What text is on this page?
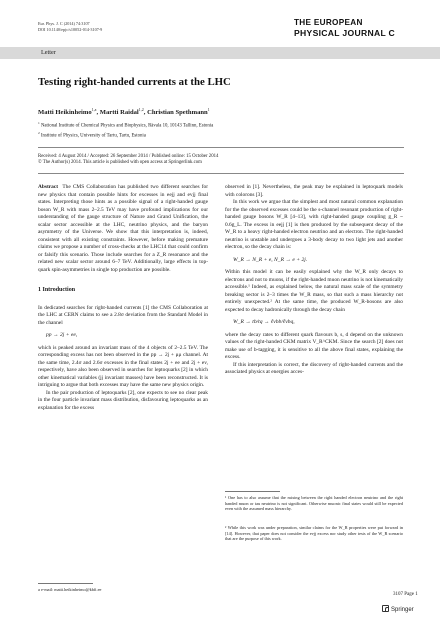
Eur. Phys. J. C (2014) 74:3107
DOI 10.1140/epjc/s10052-014-3107-9
THE EUROPEAN
PHYSICAL JOURNAL C
Letter
Testing right-handed currents at the LHC
Matti Heikinheimo$^{1,a}$, Martti Raidal$^{1,2}$, Christian Spethmann$^1$
$^1$ National Institute of Chemical Physics and Biophysics, Rävala 10, 10143 Tallinn, Estonia
$^2$ Institute of Physics, University of Tartu, Tartu, Estonia
Received: 4 August 2014 / Accepted: 26 September 2014 / Published online: 15 October 2014
© The Author(s) 2014. This article is published with open access at Springerlink.com

Abstract The CMS Collaboration has published two different searches for new physics that contain possible hints for excesses in eejj and evjj final states. Interpreting those hints as a possible signal of a right-handed gauge boson W_R with mass 2–2.5 TeV may have profound implications for our understanding of the gauge structure of Nature and Grand Unification, the scalar sector accessible at the LHC, neutrino physics, and the baryon asymmetry of the Universe. We show that this interpretation is, indeed, consistent with all existing constraints. However, before making premature claims we propose a number of cross-checks at the LHC14 that could confirm or falsify this scenario. Those include searches for a Z_R resonance and the related new scalar sector around 6–7 TeV. Additionally, large effects in top-quark spin-asymmetries in single top production are possible.

1 Introduction

In dedicated searches for right-handed currents [1] the CMS Collaboration at the LHC at CERN claims to see a 2.8σ deviation from the Standard Model in the channel

pp → 2j + ee,

which is peaked around an invariant mass of the 4 objects of 2–2.5 TeV. The corresponding excess has not been observed in the pp → 2j + μμ channel. At the same time, 2.4σ and 2.6σ excesses in the final states 2j + ee and 2j + ev, respectively, have also been observed in searches for leptoquarks [2] in which other kinematical variables (jj invariant masses) have been reconstructed. It is intriguing to argue that both excesses may have the same new physics origin.

In the pair production of leptoquarks [2], one expects to see no clear peak in the four particle invariant mass distribution, disfavouring leptoquarks as an explanation for the excess

a e-mail: matti.heikinheimo@kbfi.ee

observed in [1]. Nevertheless, the peak may be explained in leptoquark models with colorons [3].

In this work we argue that the simplest and most natural common explanation for the the observed excesses could be the s-channel resonant production of right-handed gauge bosons W_R [4–13], with right-handed gauge coupling g_R ~ 0.6g_L. The excess in eejj [1] is then produced by the subsequent decay of the W_R to a heavy right-handed electron neutrino and an electron. The right-handed neutrino is unstable and undergoes a 3-body decay to two light jets and another electron, so the decay chain is:

W_R → N_R + e, N_R → e + 2j.

Within this model it can be easily explained why the W_R only decays to electrons and not to muons, if the right-handed muon neutrino is not kinematically accessible.¹ Indeed, as explained below, the natural mass scale of the symmetry breaking sector is 2–3 times the W_R mass, so that such a mass hierarchy not entirely unexpected.² At the same time, the produced W_R-bosons are also expected to decay hadronically through the decay chain

W_R → tb/tq → ℓνbb/ℓνbq,

where the decay rates to different quark flavours b, s, d depend on the unknown values of the right-handed CKM matrix V_R^CKM. Since the search [2] does not make use of b-tagging, it is sensitive to all the above final states, explaining the excess.

If this interpretation is correct, the discovery of right-handed currents and the associated physics at energies acces-

¹ One has to also assume that the mixing between the right handed electron neutrino and the right handed muon or tau neutrino is not significant. Otherwise muonic final states would still be expected even with the assumed mass hierarchy.
² While this work was under preparation, similar claims for the W_R properties were put forward in [14]. However, that paper does not consider the evjj excess nor study other tests of the W_R scenario that are the purpose of this work.
3107 Page 1
Springer
